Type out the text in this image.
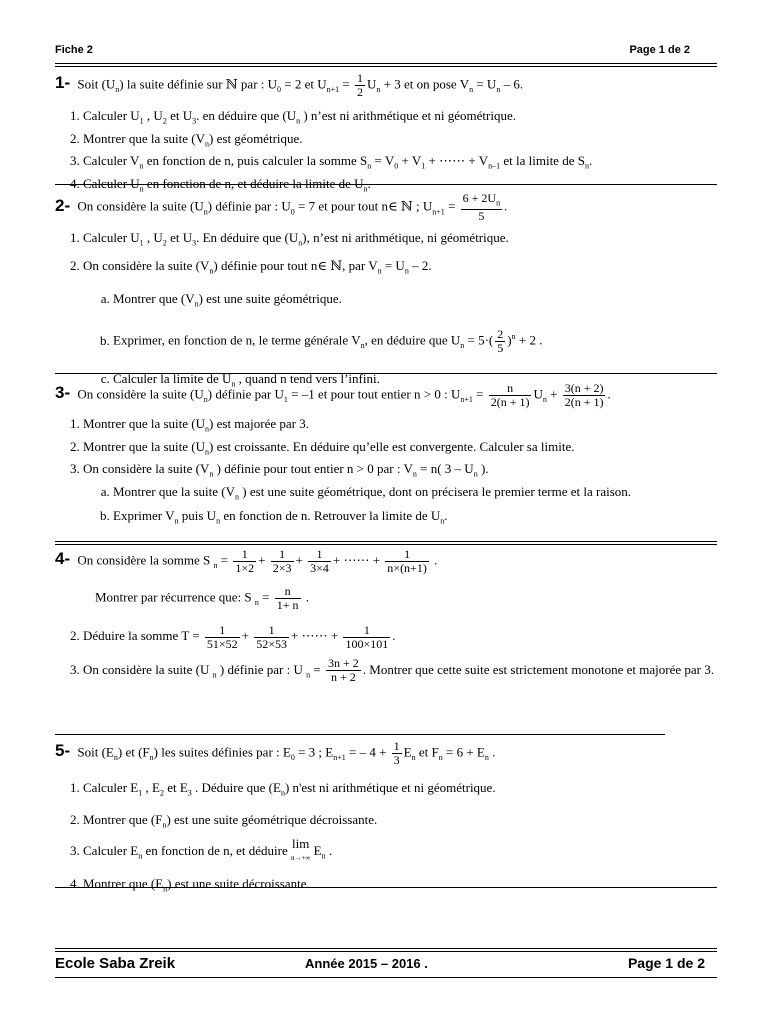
Fiche 2	Page 1 de 2
1- Soit $(U_n)$ la suite définie sur ℕ par : $U_0 = 2$ et $U_{n+1} = \frac{1}{2} U_n + 3$ et on pose $V_n = U_n - 6$.
1. Calculer $U_1$ , $U_2$ et $U_3$. en déduire que ($U_n$ ) n’est ni arithmétique et ni géométrique.
2. Montrer que la suite $(V_n)$ est géométrique.
3. Calculer $V_n$ en fonction de n, puis calculer la somme $S_n = V_0 + V_1$ + ⋯⋯ + $V_{n-1}$ et la limite de $S_n$.
4. Calculer $U_n$ en fonction de n, et déduire la limite de $U_n$.
2- On considère la suite $(U_n)$ définie par : $U_0 = 7$ et pour tout n∈ ℕ ; $U_{n+1} = \frac{6 + 2U_n}{5}$ .
1. Calculer $U_1$ , $U_2$ et $U_3$. En déduire que $(U_n)$, n’est ni arithmétique, ni géométrique.
2. On considère la suite $(V_n)$ définie pour tout n∈ ℕ, par $V_n = U_n - 2$.
a. Montrer que $(V_n)$ est une suite géométrique.
b. Exprimer, en fonction de n, le terme générale $V_n$, en déduire que $U_n = 5\cdot( \frac{2}{5} )^n + 2$ .
c. Calculer la limite de $U_n$ , quand n tend vers l’infini.
3- On considère la suite $(U_n)$ définie par $U_1 = -1$ et pour tout entier n > 0 : $U_{n+1} = \frac{n}{2(n + 1)} U_n + \frac{3(n + 2)}{2(n + 1)}$ .
1. Montrer que la suite $(U_n)$ est majorée par 3.
2. Montrer que la suite $(U_n)$ est croissante. En déduire qu’elle est convergente. Calculer sa limite.
3. On considère la suite ($V_n$ ) définie pour tout entier n > 0 par : $V_n = n$( $3 - U_n$ ).
a. Montrer que la suite ($V_n$ ) est une suite géométrique, dont on précisera le premier terme et la raison.
b. Exprimer $V_n$ puis $U_n$ en fonction de n. Retrouver la limite de $U_n$.
4- On considère la somme S $_n = \frac{1}{1\times 2} + \frac{1}{2\times 3} + \frac{1}{3\times 4}$ + ⋯⋯ + $\frac{1}{n\times(n+1)}$ .
Montrer par récurrence que: S $_n = \frac{n}{1+ n}$ .
2. Déduire la somme $T = \frac{1}{51\times 52} + \frac{1}{52\times 53}$ + ⋯⋯ + $\frac{1}{100\times 101}$ .
3. On considère la suite (U $_n$ ) définie par : U $_n = \frac{3n + 2}{n + 2}$ . Montrer que cette suite est strictement monotone et majorée par 3.
5- Soit $(E_n)$ et $(F_n)$ les suites définies par : $E_0 = 3$ ; $E_{n+1}$ = – $4 + \frac{1}{3} E_n$ et $F_n = 6 + E_n$ .
1. Calculer $E_1$ , $E_2$ et $E_3$ . Déduire que $(E_n)$ n'est ni arithmétique et ni géométrique.
2. Montrer que $(F_n)$ est une suite géométrique décroissante.
3. Calculer $E_n$ en fonction de n, et déduire lim
n→+∞ $E_n$ .
4. Montrer que $(E_n)$ est une suite décroissante.
Ecole Saba Zreik	Année 2015 – 2016 .	Page 1 de 2
